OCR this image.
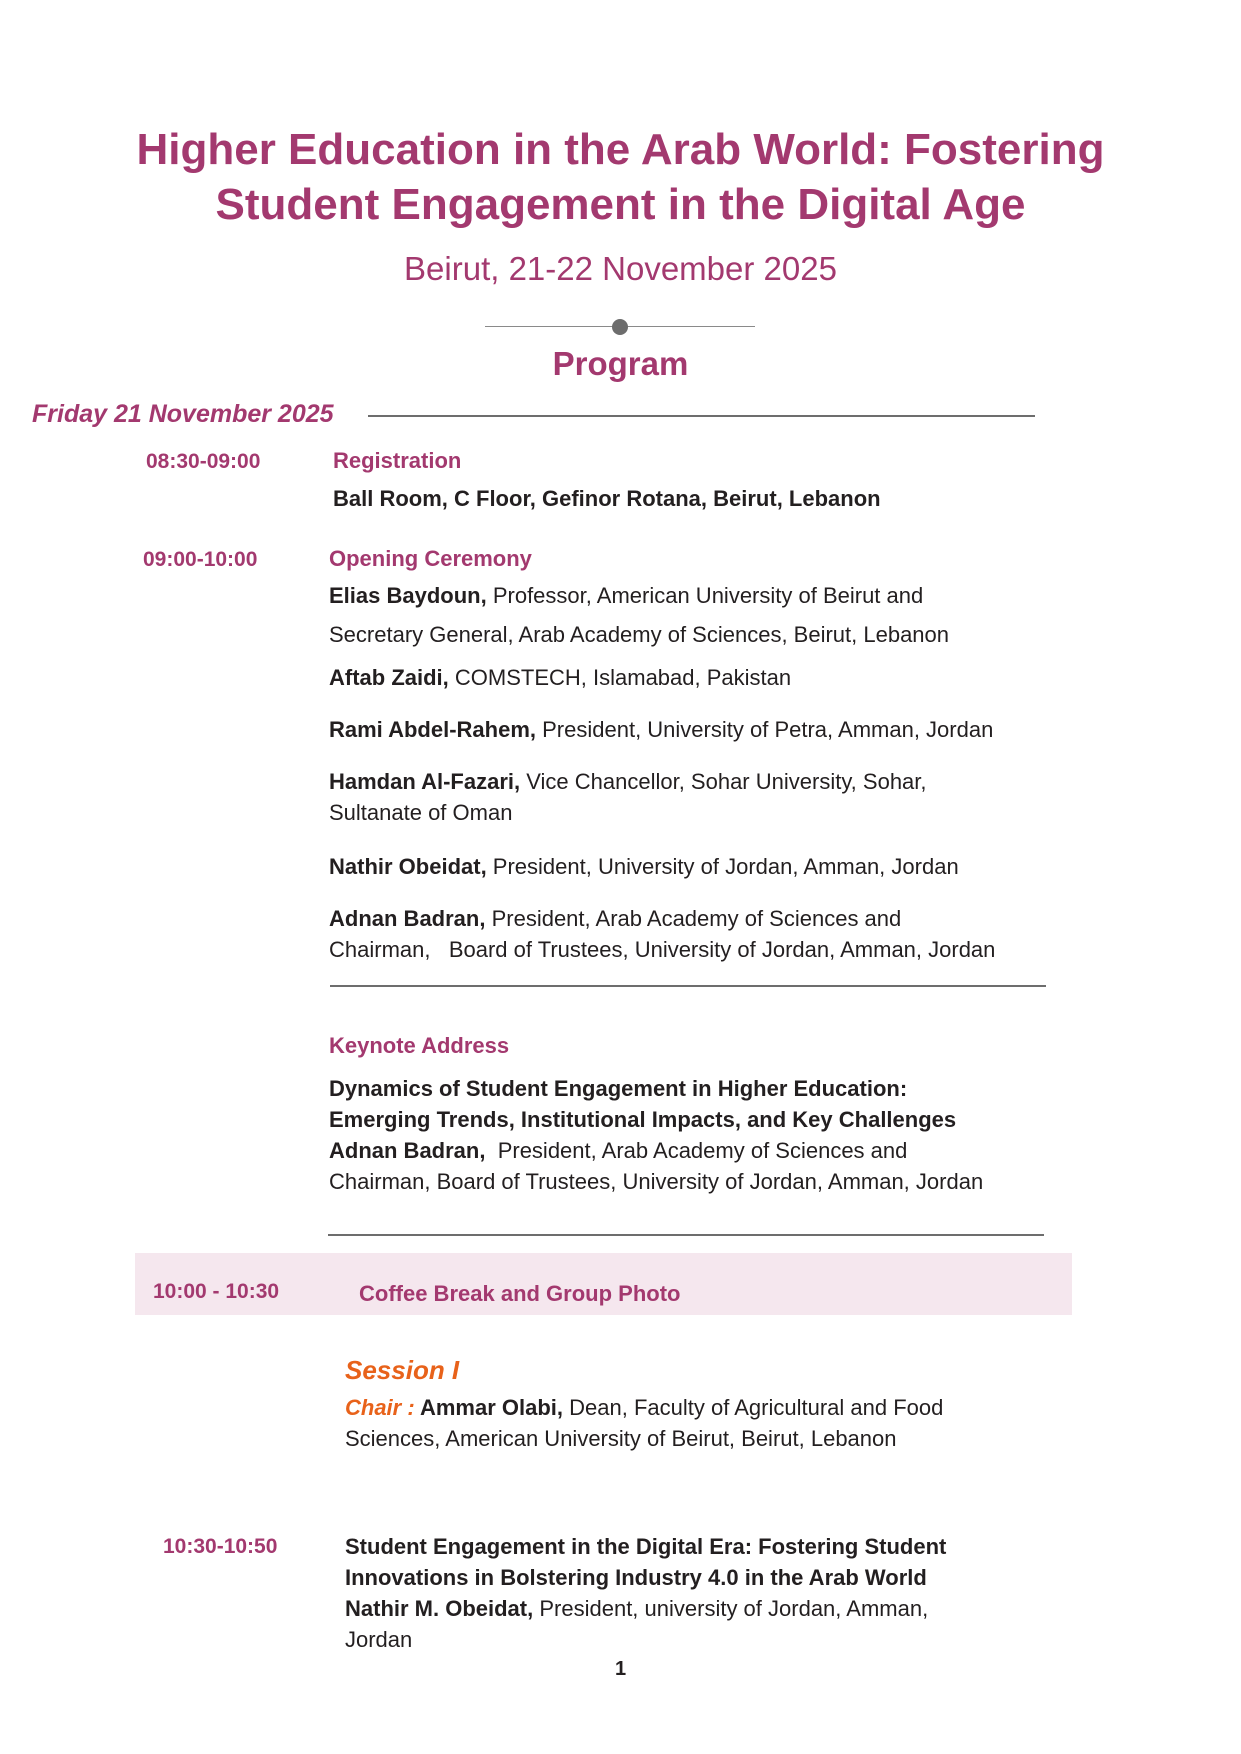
Higher Education in the Arab World: Fostering
Student Engagement in the Digital Age
Beirut, 21-22 November 2025
Program
Friday 21 November 2025
08:30-09:00	Registration
Ball Room, C Floor, Gefinor Rotana, Beirut, Lebanon
09:00-10:00	Opening Ceremony
Elias Baydoun, Professor, American University of Beirut and
Secretary General, Arab Academy of Sciences, Beirut, Lebanon
Aftab Zaidi, COMSTECH, Islamabad, Pakistan
Rami Abdel-Rahem, President, University of Petra, Amman, Jordan
Hamdan Al-Fazari, Vice Chancellor, Sohar University, Sohar,
Sultanate of Oman
Nathir Obeidat, President, University of Jordan, Amman, Jordan
Adnan Badran, President, Arab Academy of Sciences and
Chairman,   Board of Trustees, University of Jordan, Amman, Jordan
Keynote Address
Dynamics of Student Engagement in Higher Education:
Emerging Trends, Institutional Impacts, and Key Challenges
Adnan Badran,  President, Arab Academy of Sciences and
Chairman, Board of Trustees, University of Jordan, Amman, Jordan
10:00 - 10:30	Coffee Break and Group Photo
Session I
Chair : Ammar Olabi, Dean, Faculty of Agricultural and Food
Sciences, American University of Beirut, Beirut, Lebanon
10:30-10:50	Student Engagement in the Digital Era: Fostering Student
Innovations in Bolstering Industry 4.0 in the Arab World
Nathir M. Obeidat, President, university of Jordan, Amman,
Jordan
1
